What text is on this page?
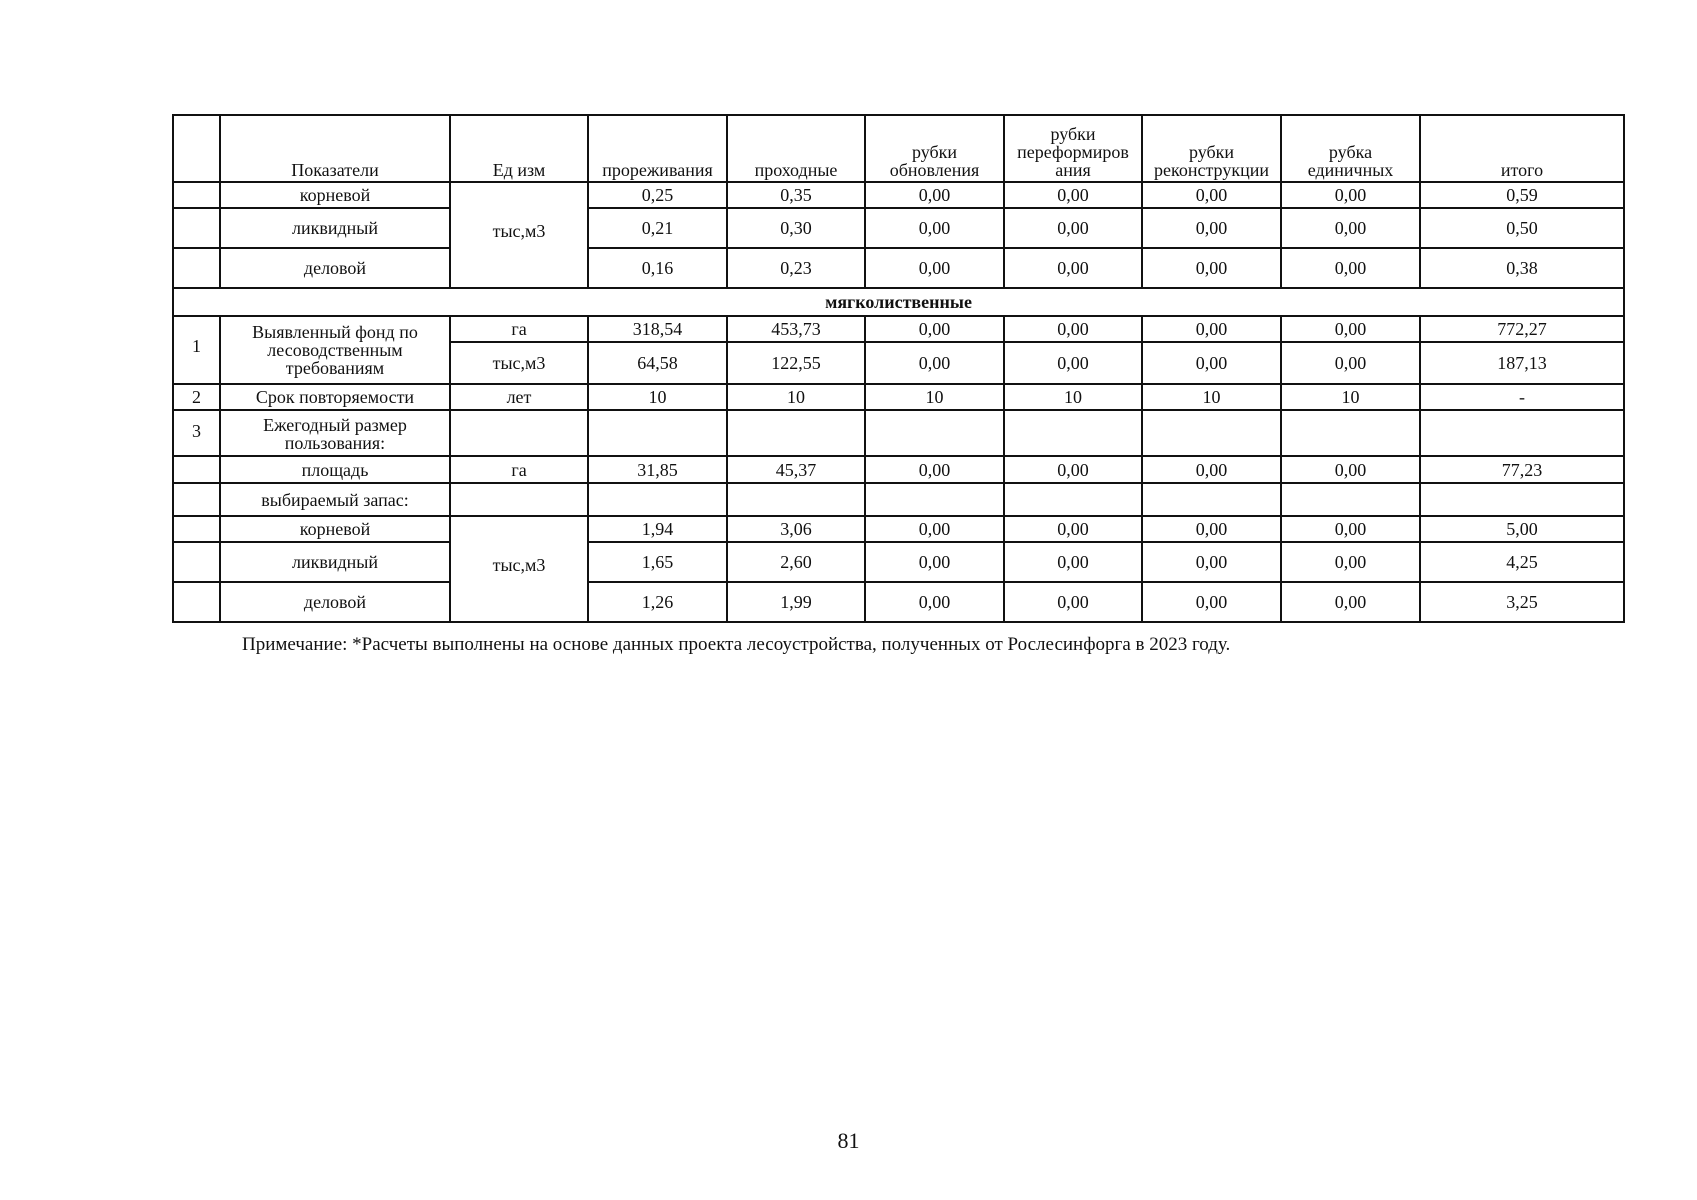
	Показатели	Ед изм	прореживания	проходные	рубки обновления	рубки переформиров ания	рубки реконструкции	рубка единичных	итого
	корневой	тыс,м3	0,25	0,35	0,00	0,00	0,00	0,00	0,59
	ликвидный		0,21	0,30	0,00	0,00	0,00	0,00	0,50
	деловой		0,16	0,23	0,00	0,00	0,00	0,00	0,38
мягколиственные									
1	Выявленный фонд по лесоводственным требованиям	га	318,54	453,73	0,00	0,00	0,00	0,00	772,27
		тыс,м3	64,58	122,55	0,00	0,00	0,00	0,00	187,13
2	Срок повторяемости	лет	10	10	10	10	10	10	-
3	Ежегодный размер пользования:								
	площадь	га	31,85	45,37	0,00	0,00	0,00	0,00	77,23
	выбираемый запас:								
	корневой	тыс,м3	1,94	3,06	0,00	0,00	0,00	0,00	5,00
	ликвидный		1,65	2,60	0,00	0,00	0,00	0,00	4,25
	деловой		1,26	1,99	0,00	0,00	0,00	0,00	3,25
Примечание: *Расчеты выполнены на основе данных проекта лесоустройства, полученных от Рослесинфорга в 2023 году.
81
